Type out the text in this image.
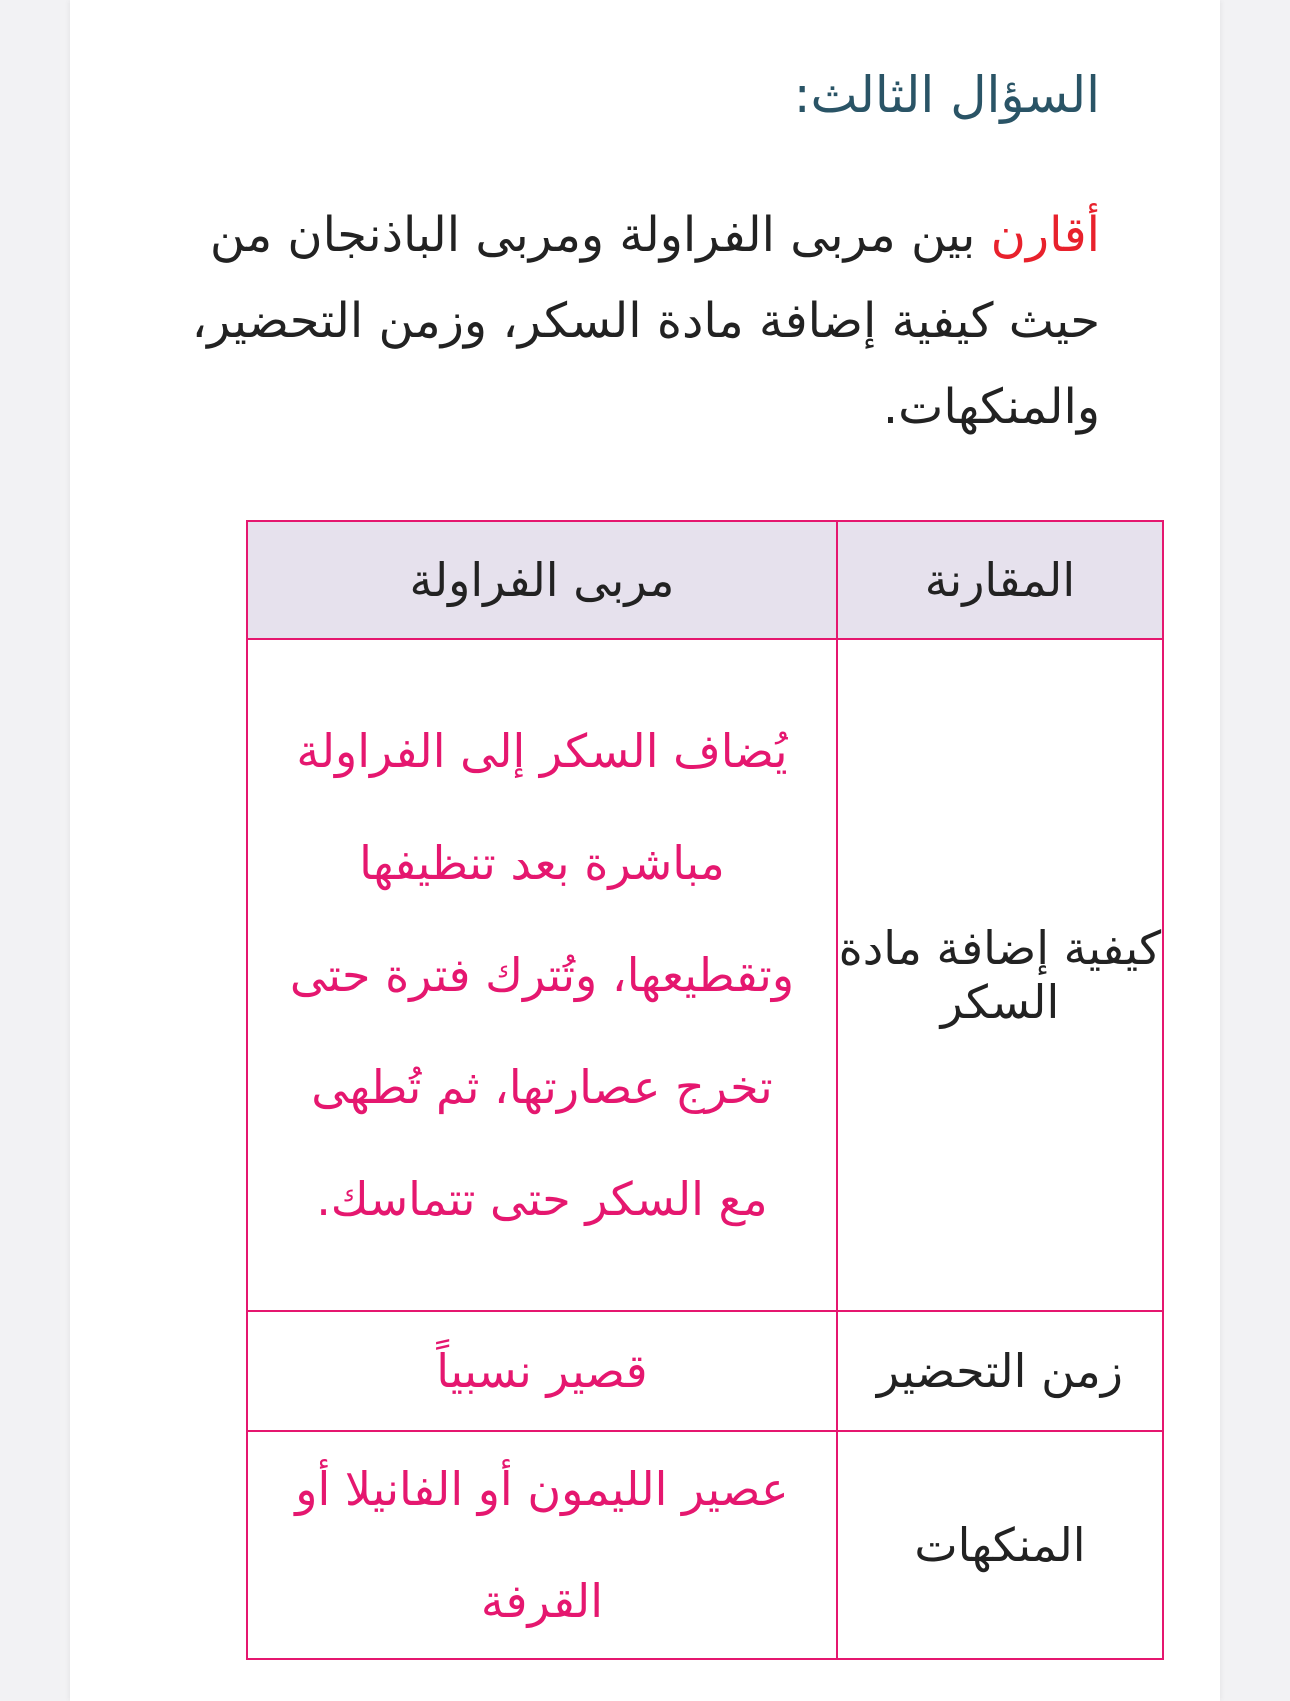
السؤال الثالث:

أقارن بين مربى الفراولة ومربى الباذنجان من حيث كيفية إضافة مادة السكر، وزمن التحضير، والمنكهات.

المقارنة	مربى الفراولة
كيفية إضافة مادة السكر	يُضاف السكر إلى الفراولة مباشرة بعد تنظيفها وتقطيعها، وتُترك فترة حتى تخرج عصارتها، ثم تُطهى مع السكر حتى تتماسك.

زمن التحضير	قصير نسبياً
المنكهات	عصير الليمون أو الفانيلا أو القرفة
